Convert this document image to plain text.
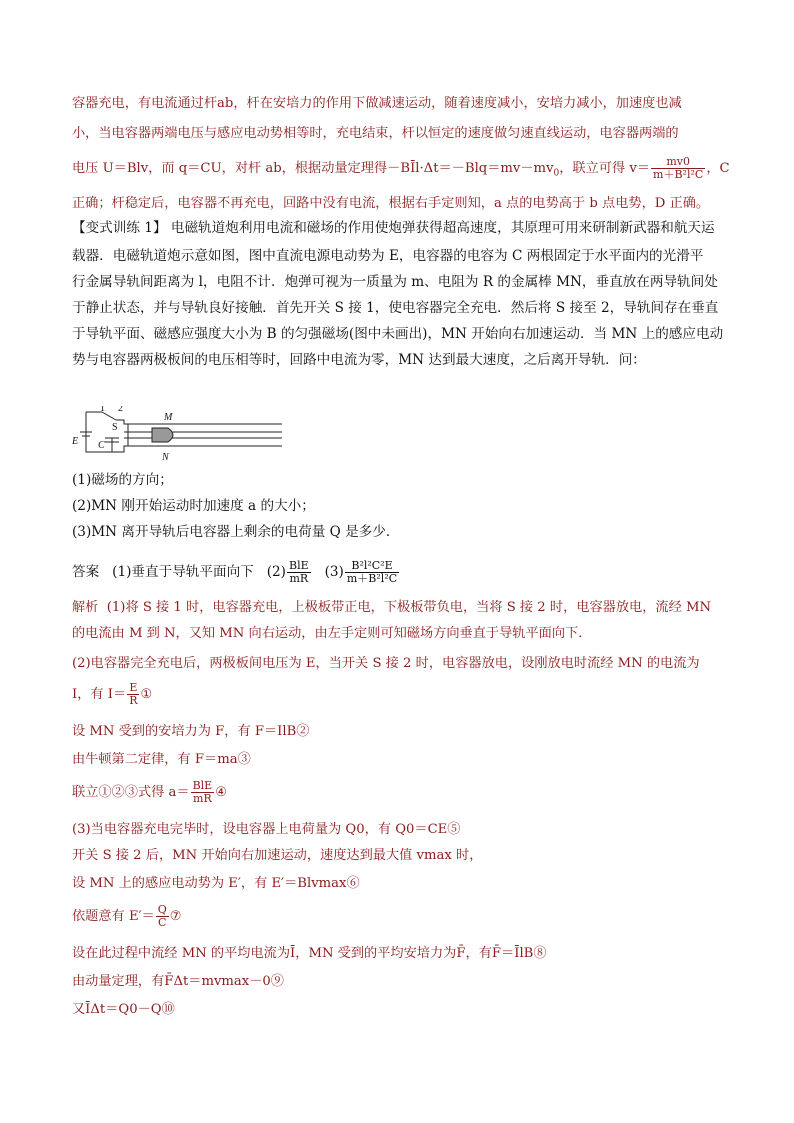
容器充电，有电流通过杆ab，杆在安培力的作用下做减速运动，随着速度减小，安培力减小，加速度也减
小，当电容器两端电压与感应电动势相等时，充电结束，杆以恒定的速度做匀速直线运动，电容器两端的
电压 U＝Blv，而 q＝CU，对杆 ab，根据动量定理得$-BĪl\cdot\Delta t=-Blq=mv-mv_0$，联立可得 $v= \frac{mv0}{\text{m＋B²l²C}}$ ，C
正确；杆稳定后，电容器不再充电，回路中没有电流，根据右手定则知，a 点的电势高于 b 点电势，D 正确。
【变式训练 1】 电磁轨道炮利用电流和磁场的作用使炮弹获得超高速度，其原理可用来研制新武器和航天运
载器．电磁轨道炮示意如图，图中直流电源电动势为 E，电容器的电容为 C 两根固定于水平面内的光滑平
行金属导轨间距离为 l，电阻不计．炮弹可视为一质量为 m、电阻为 R 的金属棒 MN，垂直放在两导轨间处
于静止状态，并与导轨良好接触．首先开关 S 接 1，使电容器完全充电．然后将 S 接至 2，导轨间存在垂直
于导轨平面、磁感应强度大小为 B 的匀强磁场(图中未画出)，MN 开始向右加速运动．当 MN 上的感应电动
势与电容器两极板间的电压相等时，回路中电流为零，MN 达到最大速度，之后离开导轨．问：
1 2
S
E C
M
N
(1)磁场的方向；
(2)MN 刚开始运动时加速度 a 的大小；
(3)MN 离开导轨后电容器上剩余的电荷量 Q 是多少．
答案 (1)垂直于导轨平面向下 $(2) \frac{\text{BlE}}{mR} (3) \frac{\text{B²l²C²E}}{\text{m＋B²l²C}}$
解析 (1)将 S 接 1 时，电容器充电，上极板带正电，下极板带负电，当将 S 接 2 时，电容器放电，流经 MN
的电流由 M 到 N，又知 MN 向右运动，由左手定则可知磁场方向垂直于导轨平面向下．
(2)电容器完全充电后，两极板间电压为 E，当开关 S 接 2 时，电容器放电，设刚放电时流经 MN 的电流为
I，有 $I= \frac{E}{R}$ ①
设 MN 受到的安培力为 F，有 F＝IlB②
由牛顿第二定律，有 F＝ma③
联立①②③式得 $a= \frac{\text{BlE}}{mR}$ ④
(3)当电容器充电完毕时，设电容器上电荷量为 Q0，有 Q0＝CE⑤
开关 S 接 2 后，MN 开始向右加速运动，速度达到最大值 vmax 时，
设 MN 上的感应电动势为 E′，有 E′＝Blvmax⑥
依题意有 $E'= \frac{Q}{C}$ ⑦
设在此过程中流经 MN 的平均电流为Ī，MN 受到的平均安培力为F̄，有F̄＝ĪlB⑧
由动量定理，有F̄Δt＝mvmax－0⑨
又ĪΔt＝Q0－Q⑩
